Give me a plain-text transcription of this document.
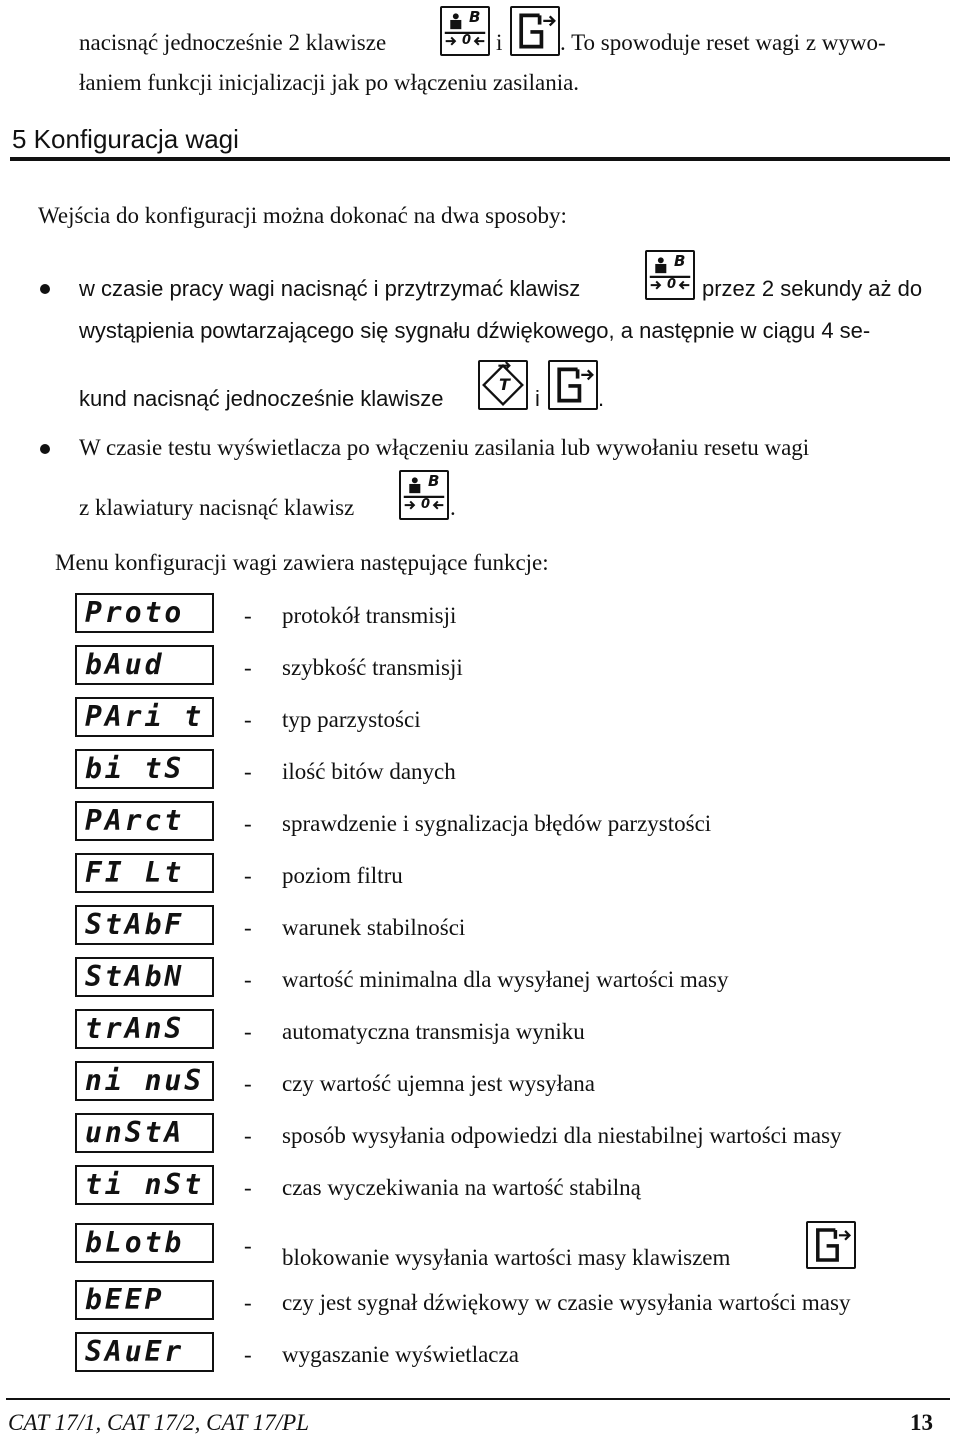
nacisnąć jednocześnie 2 klawisze
B
0 i	. To spowoduje reset wagi z wywo-
łaniem funkcji inicjalizacji jak po włączeniu zasilania.
5 Konfiguracja wagi
Wejścia do konfiguracji można dokonać na dwa sposoby:
w czasie pracy wagi nacisnąć i przytrzymać klawisz
B
0 przez 2 sekundy aż do
wystąpienia powtarzającego się sygnału dźwiękowego, a następnie w ciągu 4 se-
kund nacisnąć jednocześnie klawisze
T
i	.
W czasie testu wyświetlacza po włączeniu zasilania lub wywołaniu resetu wagi
z klawiatury nacisnąć klawisz
B
0 .
Menu konfiguracji wagi zawiera następujące funkcje:
Proto	- protokół transmisji
bAud	- szybkość transmisji
PAri t - typ parzystości
bi tS	- ilość bitów danych
PArct	- sprawdzenie i sygnalizacja błędów parzystości
FI Lt	- poziom filtru
StAbF	- warunek stabilności
StAbN	- wartość minimalna dla wysyłanej wartości masy
trAnS	- automatyczna transmisja wyniku
ni nuS - czy wartość ujemna jest wysyłana
unStA	- sposób wysyłania odpowiedzi dla niestabilnej wartości masy
ti nSt - czas wyczekiwania na wartość stabilną
bLotb	- blokowanie wysyłania wartości masy klawiszem
bEEP	- czy jest sygnał dźwiękowy w czasie wysyłania wartości masy
SAuEr	- wygaszanie wyświetlacza
CAT 17/1, CAT 17/2, CAT 17/PL	13
